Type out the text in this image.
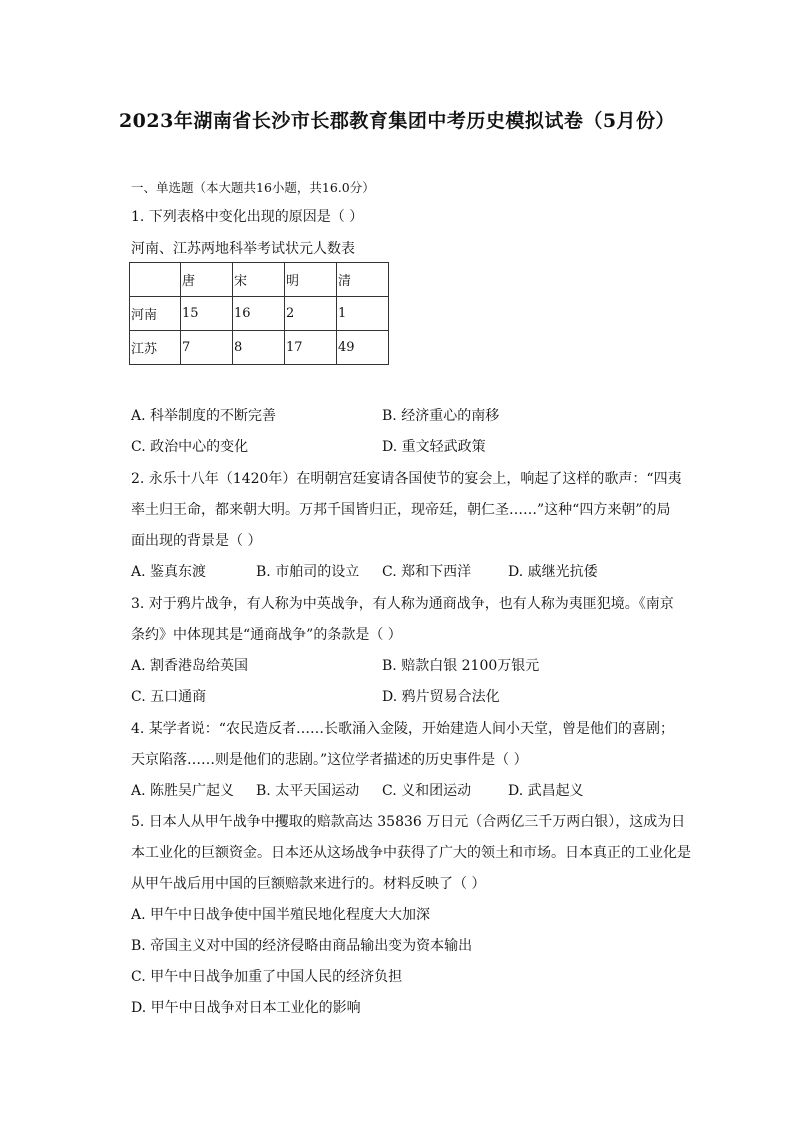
2023年湖南省长沙市长郡教育集团中考历史模拟试卷（5月份）
一、单选题（本大题共16小题，共16.0分）
1. 下列表格中变化出现的原因是（ ）
河南、江苏两地科举考试状元人数表
	唐	宋	明	清
河南	15	16	2	1
江苏	7	8	17	49
A. 科举制度的不断完善	B. 经济重心的南移
C. 政治中心的变化	D. 重文轻武政策
2. 永乐十八年（1420年）在明朝宫廷宴请各国使节的宴会上，响起了这样的歌声：“四夷
率土归王命，都来朝大明。万邦千国皆归正，现帝廷，朝仁圣……”这种“四方来朝”的局
面出现的背景是（ ）
A. 鉴真东渡	B. 市舶司的设立 C. 郑和下西洋	D. 戚继光抗倭
3. 对于鸦片战争，有人称为中英战争，有人称为通商战争，也有人称为夷匪犯境。《南京
条约》中体现其是“通商战争”的条款是（ ）
A. 割香港岛给英国	B. 赔款白银 2100万银元
C. 五口通商	D. 鸦片贸易合法化
4. 某学者说：“农民造反者……长歌涌入金陵，开始建造人间小天堂，曾是他们的喜剧；
天京陷落……则是他们的悲剧。”这位学者描述的历史事件是（ ）
A. 陈胜吴广起义 B. 太平天国运动 C. 义和团运动	D. 武昌起义
5. 日本人从甲午战争中攫取的赔款高达 35836 万日元（合两亿三千万两白银），这成为日
本工业化的巨额资金。日本还从这场战争中获得了广大的领土和市场。日本真正的工业化是
从甲午战后用中国的巨额赔款来进行的。材料反映了（ ）
A. 甲午中日战争使中国半殖民地化程度大大加深
B. 帝国主义对中国的经济侵略由商品输出变为资本输出
C. 甲午中日战争加重了中国人民的经济负担
D. 甲午中日战争对日本工业化的影响
